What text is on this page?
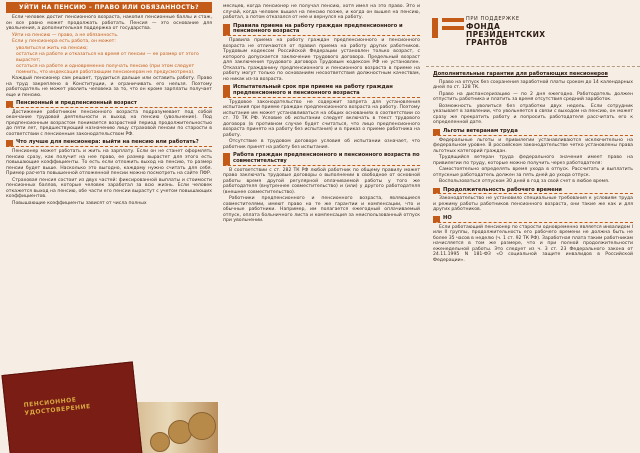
УЙТИ НА ПЕНСИЮ – ПРАВО ИЛИ ОБЯЗАННОСТЬ?

Если человек достиг пенсионного возраста, накопил пенсионные баллы и стаж, он все равно может продолжать работать. Пенсия — это основание для увольнения, а дополнительная поддержка от государства.

Уйти на пенсию — право, а не обязанность.

Если у пенсионера есть работа, он может:

уволиться и жить на пенсию;

остаться на работе и отказаться на время от пенсии — ее размер от этого вырастет;

остаться на работе и одновременно получать пенсию (при этом следует помнить, что индексация работающим пенсионерам не предусмотрена).

Каждый пенсионер сам решает, трудиться дальше или оставить работу. Право на труд закреплено в Конституции, и ограничивать его нельзя. Поэтому работодатель не может уволить человека за то, что он кроме зарплаты получает еще и пенсию.

Пенсионный и предпенсионный возраст

Достижение работником пенсионного возраста подразумевает под собой окончание трудовой деятельности и выход на пенсию (увольнение). Под предпенсионным возрастом понимается возрастной период продолжительностью до пяти лет, предшествующий назначению лицу страховой пенсии по старости в соответствии с пенсионным законодательством РФ.

Что лучше для пенсионера: выйти на пенсию или работать?

Пенсионер может работать и жить на зарплату. Если он не станет оформлять пенсию сразу, как получит на нее право, ее размер вырастет для этого есть повышающие коэффициенты. То есть если отложить выход на пенсию, то размер пенсии будет выше. Насколько это выгодно, каждому нужно считать для себя. Пример расчета повышенной отложенной пенсии можно посмотреть на сайте ПФР.

Страховая пенсия состоит из двух частей: фиксированной выплаты и стоимости пенсионных баллов, которые человек заработал за всю жизнь. Если человек откажется выход на пенсию, обе части его пенсии вырастут с учетом повышающих коэффициентов.

Повышающие коэффициенты зависят от числа полных

ПЕНСИОННОЕ
УДОСТОВЕРЕНИЕ

месяцев, когда пенсионер не получал пенсию, хотя имел на это право. Это и случай, когда человек вышел на пенсию позже, и когда он вышел на пенсию, работал, а потом отказался от нее и вернулся на работу.

Правила приема на работу граждан предпенсионного и пенсионного возраста

Правила приема на работу граждан предпенсионного и пенсионного возраста не отличаются от правил приема на работу других работников. Трудовым кодексом Российской Федерации установлен только возраст, с которого допускается заключение трудового договора. Предельный возраст для заключения трудового договора Трудовым кодексом РФ не установлен. Отказать гражданину предпенсионного и пенсионного возраста в приеме на работу могут только по основаниям несоответствия должностным качествам, но никак из-за возраста.

Испытательный срок при приеме на работу граждан предпенсионного и пенсионного возраста

Трудовое законодательство не содержит запрета для установления испытания при приеме граждан предпенсионного возраста на работу. Поэтому испытание им может устанавливаться на общих основаниях в соответствии со ст. 70 ТК РФ. Условие об испытании следует включать в текст трудового договора (в противном случае будет считаться, что лицо предпенсионного возраста принято на работу без испытания) и в приказ о приеме работника на работу.

Отсутствие в трудовом договоре условия об испытании означает, что работник принят на работу без испытания.

Работа граждан предпенсионного и пенсионного возраста по совместительству

В соответствии с ст. 282 ТК РФ любой работник по общему правилу может право заключать трудовые договоры о выполнении в свободное от основной работы время другой регулярной оплачиваемой работы у того же работодателя (внутреннее совместительство) и (или) у другого работодателя (внешнее совместительство).

Работники предпенсионного и пенсионного возраста, являющиеся совместителями, имеют право на те же гарантии и компенсации, что и обычные работники. Например, им полагается ежегодный оплачиваемый отпуск, оплата больничного листа и компенсация за неиспользованный отпуск при увольнении.

ПРИ ПОДДЕРЖКЕ
ФОНДА
ПРЕЗИДЕНТСКИХ
ГРАНТОВ
Дополнительные гарантии для работающих пенсионеров

Право на отпуск без сохранения заработной платы сроком до 14 календарных дней по ст. 128 ТК.

Право на диспансеризацию — по 2 дня ежегодно. Работодатель должен отпустить работника и платить за время отсутствия средний заработок.

Возможность уволиться без отработки двух недель. Если сотрудник указывает в заявлении, что увольняется в связи с выходом на пенсию, он может сразу же прекратить работу и попросить работодателя рассчитать его к определенной дате.

Льготы ветеранам труда

Федеральные льготы и привилегии устанавливаются исключительно на федеральном уровне. В российском законодательстве четко установлены права льготных категорий граждан.

Трудящийся ветеран труда федерального значения имеет право на привилегии по труду, которые можно получить через работодателя:

Самостоятельно определять время ухода в отпуск. Рассчитать и выплатить отпускные работодатель должен за пять дней до ухода отпуск.

Воспользоваться отпуском 30 дней в год за свой счет в любое время.

Продолжительность рабочего времени

Законодательство не установило специальные требования к условиям труда и режиму работы работников пенсионного возраста, они такие же как и для других работников.

НО

Если работающий пенсионер по старости одновременно является инвалидом I или II группы, продолжительность его рабочего времени не должна быть не более 35 часов в неделю (ч. 1 ст. 92 ТК РФ). Заработная плата таким работникам начисляется в том же размере, что и при полной продолжительности еженедельной работы. Это следует из ч. 3 ст. 23 Федерального закона от 24.11.1995 N 181-ФЗ «О социальной защите инвалидов в Российской Федерации».
